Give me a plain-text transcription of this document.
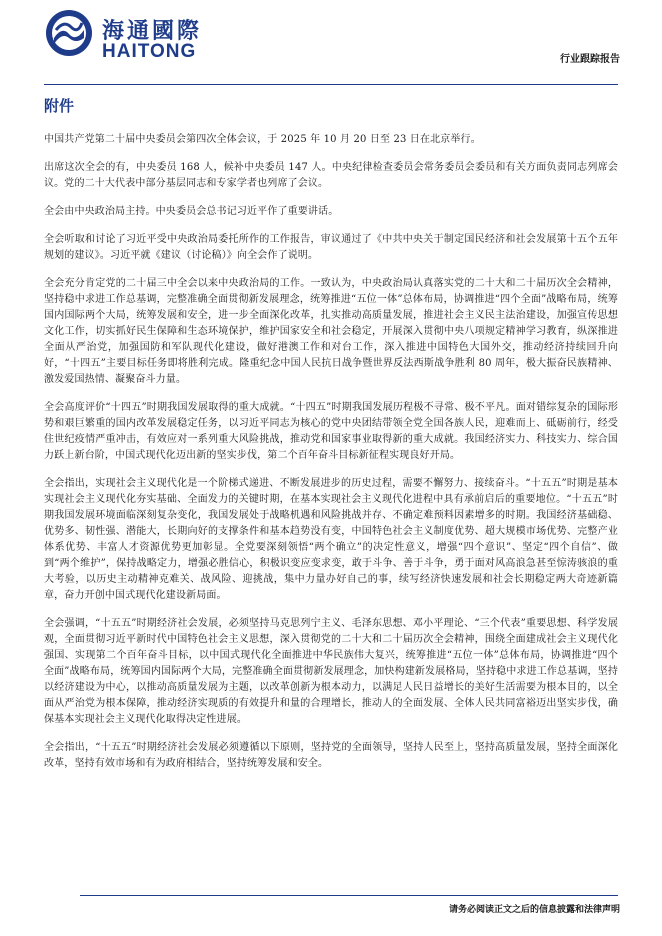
海通國際
HAITONG	行业跟踪报告
附件

中国共产党第二十届中央委员会第四次全体会议，于 2025 年 10 月 20 日至 23 日在北京举行。

出席这次全会的有，中央委员 168 人，候补中央委员 147 人。中央纪律检查委员会常务委员会委员和有关方面负责同志列席会议。党的二十大代表中部分基层同志和专家学者也列席了会议。

全会由中央政治局主持。中央委员会总书记习近平作了重要讲话。

全会听取和讨论了习近平受中央政治局委托所作的工作报告，审议通过了《中共中央关于制定国民经济和社会发展第十五个五年规划的建议》。习近平就《建议（讨论稿）》向全会作了说明。

全会充分肯定党的二十届三中全会以来中央政治局的工作。一致认为，中央政治局认真落实党的二十大和二十届历次全会精神，坚持稳中求进工作总基调，完整准确全面贯彻新发展理念，统筹推进“五位一体”总体布局，协调推进“四个全面”战略布局，统筹国内国际两个大局，统筹发展和安全，进一步全面深化改革，扎实推动高质量发展，推进社会主义民主法治建设，加强宣传思想文化工作，切实抓好民生保障和生态环境保护，维护国家安全和社会稳定，开展深入贯彻中央八项规定精神学习教育，纵深推进全面从严治党，加强国防和军队现代化建设，做好港澳工作和对台工作，深入推进中国特色大国外交，推动经济持续回升向好，“十四五”主要目标任务即将胜利完成。隆重纪念中国人民抗日战争暨世界反法西斯战争胜利 80 周年，极大振奋民族精神、激发爱国热情、凝聚奋斗力量。

全会高度评价“十四五”时期我国发展取得的重大成就。“十四五”时期我国发展历程极不寻常、极不平凡。面对错综复杂的国际形势和艰巨繁重的国内改革发展稳定任务，以习近平同志为核心的党中央团结带领全党全国各族人民，迎难而上、砥砺前行，经受住世纪疫情严重冲击，有效应对一系列重大风险挑战，推动党和国家事业取得新的重大成就。我国经济实力、科技实力、综合国力跃上新台阶，中国式现代化迈出新的坚实步伐，第二个百年奋斗目标新征程实现良好开局。

全会指出，实现社会主义现代化是一个阶梯式递进、不断发展进步的历史过程，需要不懈努力、接续奋斗。“十五五”时期是基本实现社会主义现代化夯实基础、全面发力的关键时期，在基本实现社会主义现代化进程中具有承前启后的重要地位。“十五五”时期我国发展环境面临深刻复杂变化，我国发展处于战略机遇和风险挑战并存、不确定难预料因素增多的时期。我国经济基础稳、优势多、韧性强、潜能大，长期向好的支撑条件和基本趋势没有变，中国特色社会主义制度优势、超大规模市场优势、完整产业体系优势、丰富人才资源优势更加彰显。全党要深刻领悟“两个确立”的决定性意义，增强“四个意识”、坚定“四个自信”、做到“两个维护”，保持战略定力，增强必胜信心，积极识变应变求变，敢于斗争、善于斗争，勇于面对风高浪急甚至惊涛骇浪的重大考验，以历史主动精神克难关、战风险、迎挑战，集中力量办好自己的事，续写经济快速发展和社会长期稳定两大奇迹新篇章，奋力开创中国式现代化建设新局面。

全会强调，“十五五”时期经济社会发展，必须坚持马克思列宁主义、毛泽东思想、邓小平理论、“三个代表”重要思想、科学发展观，全面贯彻习近平新时代中国特色社会主义思想，深入贯彻党的二十大和二十届历次全会精神，围绕全面建成社会主义现代化强国、实现第二个百年奋斗目标，以中国式现代化全面推进中华民族伟大复兴，统筹推进“五位一体”总体布局，协调推进“四个全面”战略布局，统筹国内国际两个大局，完整准确全面贯彻新发展理念，加快构建新发展格局，坚持稳中求进工作总基调，坚持以经济建设为中心，以推动高质量发展为主题，以改革创新为根本动力，以满足人民日益增长的美好生活需要为根本目的，以全面从严治党为根本保障，推动经济实现质的有效提升和量的合理增长，推动人的全面发展、全体人民共同富裕迈出坚实步伐，确保基本实现社会主义现代化取得决定性进展。

全会指出，“十五五”时期经济社会发展必须遵循以下原则，坚持党的全面领导，坚持人民至上，坚持高质量发展，坚持全面深化改革，坚持有效市场和有为政府相结合，坚持统筹发展和安全。

请务必阅读正文之后的信息披露和法律声明
